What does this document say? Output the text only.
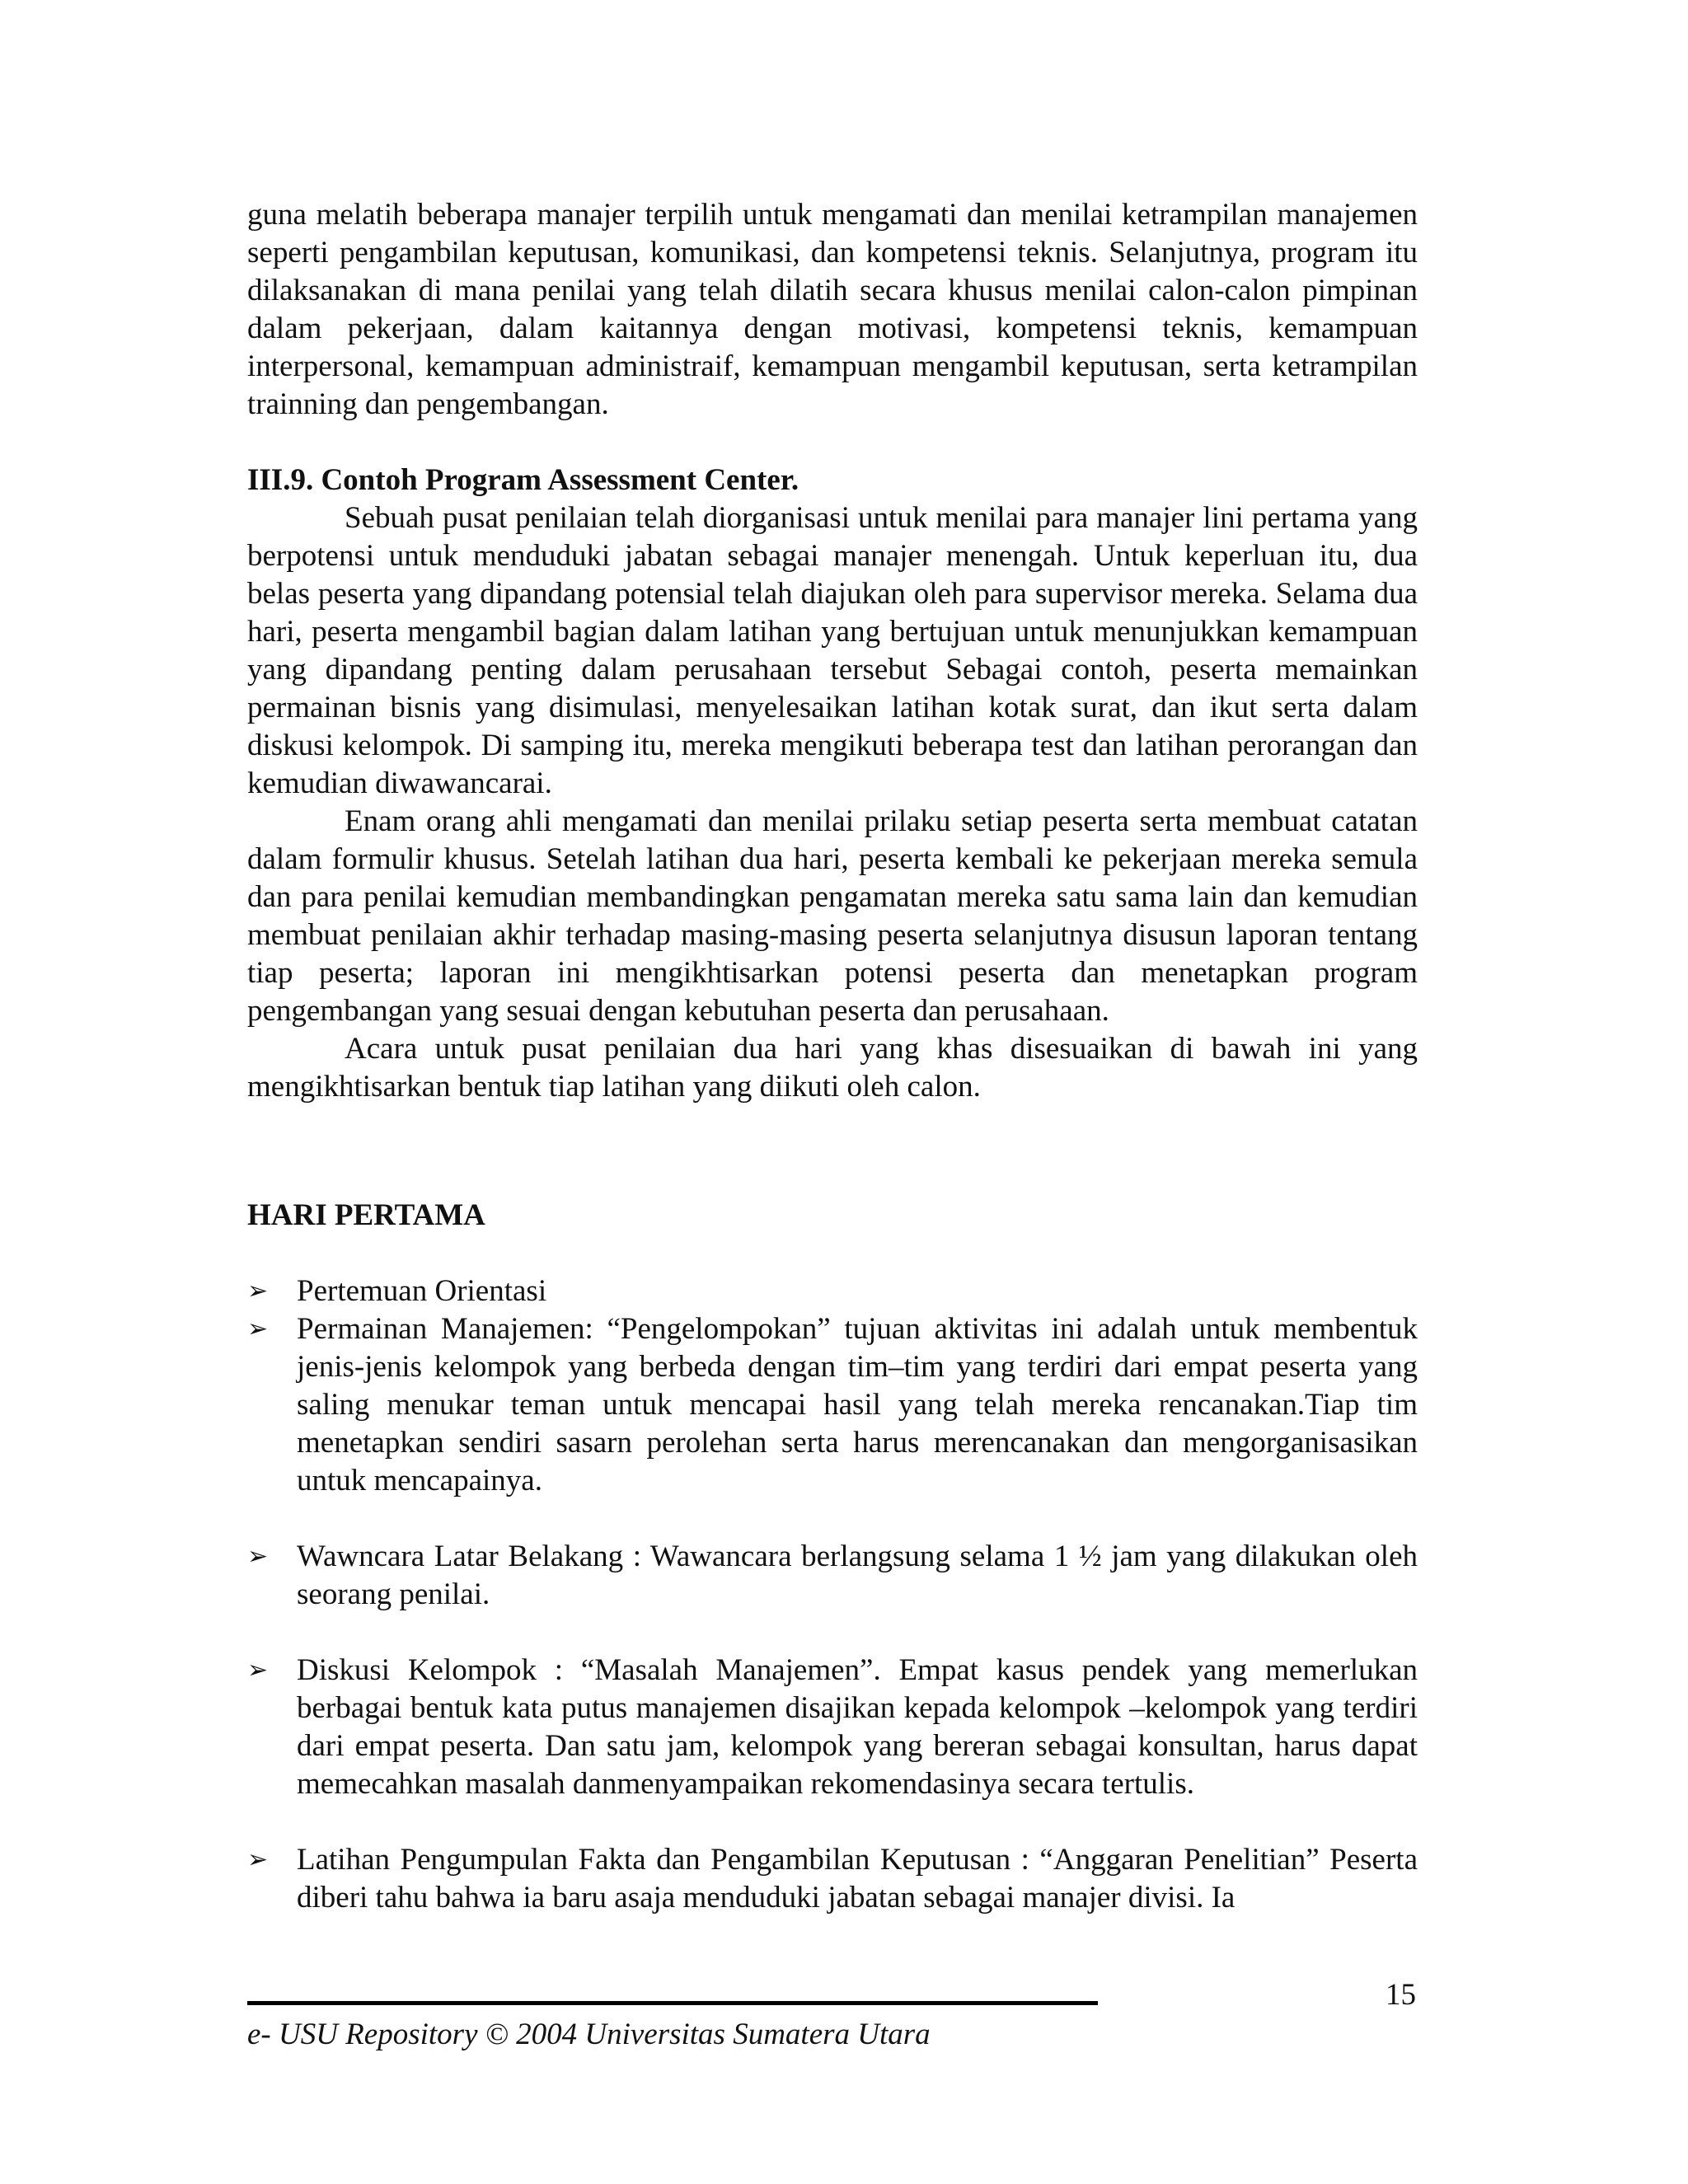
guna melatih beberapa manajer terpilih untuk mengamati dan menilai ketrampilan manajemen seperti pengambilan keputusan, komunikasi, dan kompetensi teknis. Selanjutnya, program itu dilaksanakan di mana penilai yang telah dilatih secara khusus menilai calon-calon pimpinan dalam pekerjaan, dalam kaitannya dengan motivasi, kompetensi teknis, kemampuan interpersonal, kemampuan administraif, kemampuan mengambil keputusan, serta ketrampilan trainning dan pengembangan.

III.9. Contoh Program Assessment Center.

Sebuah pusat penilaian telah diorganisasi untuk menilai para manajer lini pertama yang berpotensi untuk menduduki jabatan sebagai manajer menengah. Untuk keperluan itu, dua belas peserta yang dipandang potensial telah diajukan oleh para supervisor mereka. Selama dua hari, peserta mengambil bagian dalam latihan yang bertujuan untuk menunjukkan kemampuan yang dipandang penting dalam perusahaan tersebut Sebagai contoh, peserta memainkan permainan bisnis yang disimulasi, menyelesaikan latihan kotak surat, dan ikut serta dalam diskusi kelompok. Di samping itu, mereka mengikuti beberapa test dan latihan perorangan dan kemudian diwawancarai.

Enam orang ahli mengamati dan menilai prilaku setiap peserta serta membuat catatan dalam formulir khusus. Setelah latihan dua hari, peserta kembali ke pekerjaan mereka semula dan para penilai kemudian membandingkan pengamatan mereka satu sama lain dan kemudian membuat penilaian akhir terhadap masing-masing peserta selanjutnya disusun laporan tentang tiap peserta; laporan ini mengikhtisarkan potensi peserta dan menetapkan program pengembangan yang sesuai dengan kebutuhan peserta dan perusahaan.

Acara untuk pusat penilaian dua hari yang khas disesuaikan di bawah ini yang mengikhtisarkan bentuk tiap latihan yang diikuti oleh calon.

HARI PERTAMA
➢ Pertemuan Orientasi
➢ Permainan Manajemen: “Pengelompokan” tujuan aktivitas ini adalah untuk membentuk jenis-jenis kelompok yang berbeda dengan tim–tim yang terdiri dari empat peserta yang saling menukar teman untuk mencapai hasil yang telah mereka rencanakan.Tiap tim menetapkan sendiri sasarn perolehan serta harus merencanakan dan mengorganisasikan untuk mencapainya.
➢ Wawncara Latar Belakang : Wawancara berlangsung selama 1 ½ jam yang dilakukan oleh seorang penilai.
➢ Diskusi Kelompok : “Masalah Manajemen”. Empat kasus pendek yang memerlukan berbagai bentuk kata putus manajemen disajikan kepada kelompok –kelompok yang terdiri dari empat peserta. Dan satu jam, kelompok yang bereran sebagai konsultan, harus dapat memecahkan masalah danmenyampaikan rekomendasinya secara tertulis.
➢ Latihan Pengumpulan Fakta dan Pengambilan Keputusan : “Anggaran Penelitian” Peserta diberi tahu bahwa ia baru asaja menduduki jabatan sebagai manajer divisi. Ia
15
e- USU Repository © 2004 Universitas Sumatera Utara
